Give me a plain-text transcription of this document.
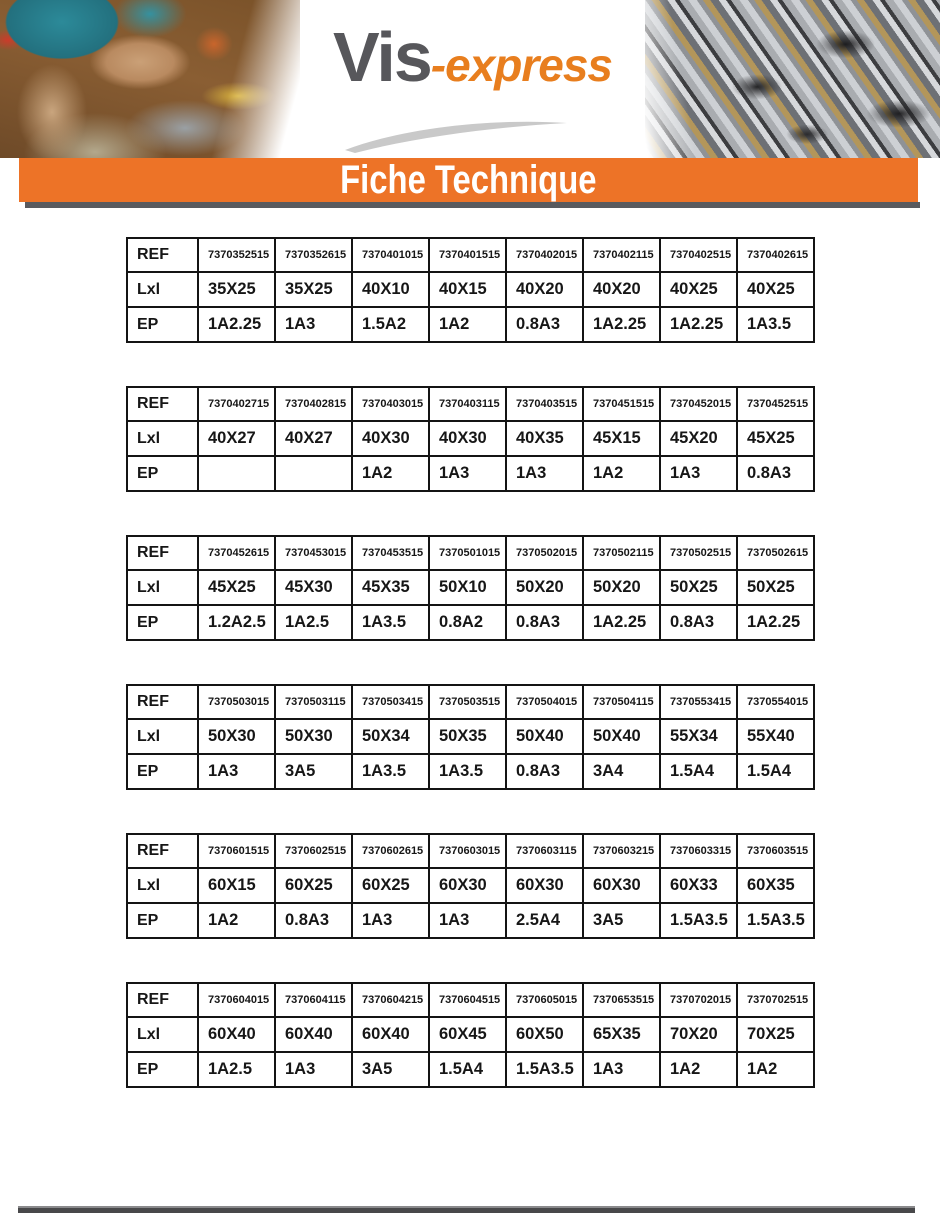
Vis-express
Fiche Technique
REF	7370352515	7370352615	7370401015	7370401515	7370402015	7370402115	7370402515	7370402615
Lxl	35X25	35X25	40X10	40X15	40X20	40X20	40X25	40X25
EP	1A2.25	1A3	1.5A2	1A2	0.8A3	1A2.25	1A2.25	1A3.5
REF	7370402715	7370402815	7370403015	7370403115	7370403515	7370451515	7370452015	7370452515
Lxl	40X27	40X27	40X30	40X30	40X35	45X15	45X20	45X25
EP			1A2	1A3	1A3	1A2	1A3	0.8A3
REF	7370452615	7370453015	7370453515	7370501015	7370502015	7370502115	7370502515	7370502615
Lxl	45X25	45X30	45X35	50X10	50X20	50X20	50X25	50X25
EP	1.2A2.5	1A2.5	1A3.5	0.8A2	0.8A3	1A2.25	0.8A3	1A2.25
REF	7370503015	7370503115	7370503415	7370503515	7370504015	7370504115	7370553415	7370554015
Lxl	50X30	50X30	50X34	50X35	50X40	50X40	55X34	55X40
EP	1A3	3A5	1A3.5	1A3.5	0.8A3	3A4	1.5A4	1.5A4
REF	7370601515	7370602515	7370602615	7370603015	7370603115	7370603215	7370603315	7370603515
Lxl	60X15	60X25	60X25	60X30	60X30	60X30	60X33	60X35
EP	1A2	0.8A3	1A3	1A3	2.5A4	3A5	1.5A3.5	1.5A3.5
REF	7370604015	7370604115	7370604215	7370604515	7370605015	7370653515	7370702015	7370702515
Lxl	60X40	60X40	60X40	60X45	60X50	65X35	70X20	70X25
EP	1A2.5	1A3	3A5	1.5A4	1.5A3.5	1A3	1A2	1A2
